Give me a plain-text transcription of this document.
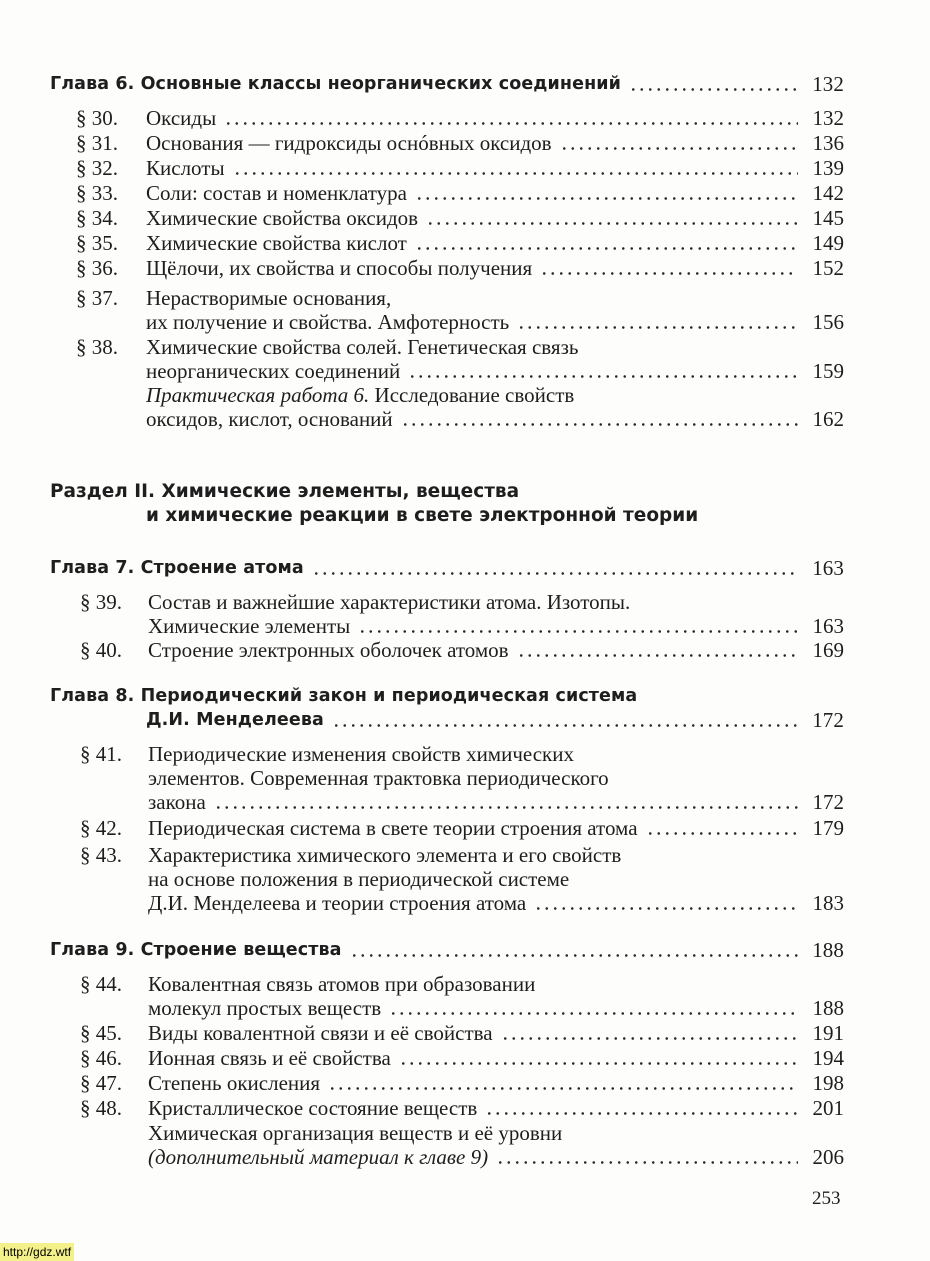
Глава 6. Основные классы неорганических соединений	132
§ 30. Оксиды	132
§ 31. Основания — гидроксиды оснóвных оксидов	136
§ 32. Кислоты	139
§ 33. Соли: состав и номенклатура	142
§ 34. Химические свойства оксидов	145
§ 35. Химические свойства кислот	149
§ 36. Щёлочи, их свойства и способы получения	152
§ 37. Нерастворимые основания,
их получение и свойства. Амфотерность	156
§ 38. Химические свойства солей. Генетическая связь
неорганических соединений	159
Практическая работа 6. Исследование свойств
оксидов, кислот, оснований	162
Раздел II. Химические элементы, вещества
и химические реакции в свете электронной теории
Глава 7. Строение атома	163
§ 39. Состав и важнейшие характеристики атома. Изотопы.
Химические элементы	163
§ 40. Строение электронных оболочек атомов	169
Глава 8. Периодический закон и периодическая система
Д.И. Менделеева	172
§ 41. Периодические изменения свойств химических
элементов. Современная трактовка периодического
закона	172
§ 42. Периодическая система в свете теории строения атома	179
§ 43. Характеристика химического элемента и его свойств
на основе положения в периодической системе
Д.И. Менделеева и теории строения атома	183
Глава 9. Строение вещества	188
§ 44. Ковалентная связь атомов при образовании
молекул простых веществ	188
§ 45. Виды ковалентной связи и её свойства	191
§ 46. Ионная связь и её свойства	194
§ 47. Степень окисления	198
§ 48. Кристаллическое состояние веществ	201
Химическая организация веществ и её уровни
(дополнительный материал к главе 9)	206
253
http://gdz.wtf
